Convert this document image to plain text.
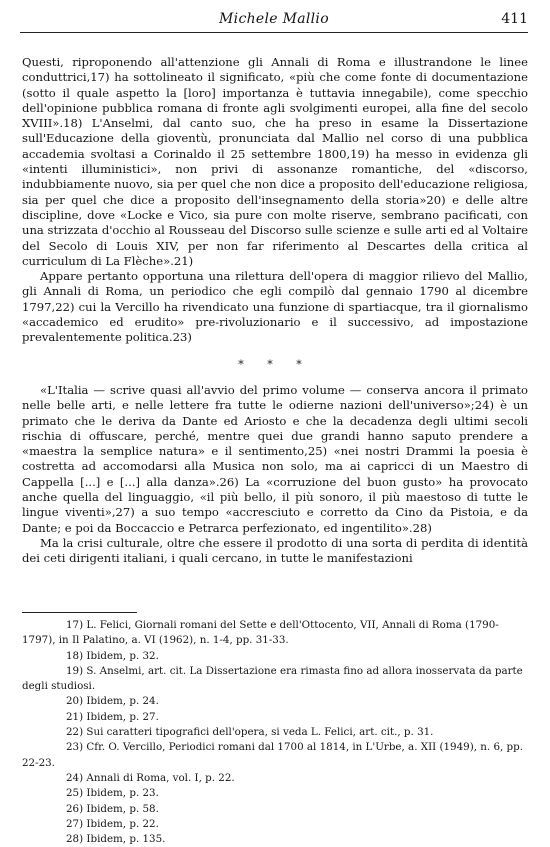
Michele Mallio	411

Questi, riproponendo all'attenzione gli Annali di Roma e illustrandone le linee conduttrici,17) ha sottolineato il significato, «più che come fonte di documentazione (sotto il quale aspetto la [loro] importanza è tuttavia innegabile), come specchio dell'opinione pubblica romana di fronte agli svolgimenti europei, alla fine del secolo XVIII».18) L'Anselmi, dal canto suo, che ha preso in esame la Dissertazione sull'Educazione della gioventù, pronunciata dal Mallio nel corso di una pubblica accademia svoltasi a Corinaldo il 25 settembre 1800,19) ha messo in evidenza gli «intenti illuministici», non privi di assonanze romantiche, del «discorso, indubbiamente nuovo, sia per quel che non dice a proposito dell'educazione religiosa, sia per quel che dice a proposito dell'insegnamento della storia»20) e delle altre discipline, dove «Locke e Vico, sia pure con molte riserve, sembrano pacificati, con una strizzata d'occhio al Rousseau del Discorso sulle scienze e sulle arti ed al Voltaire del Secolo di Louis XIV, per non far riferimento al Descartes della critica al curriculum di La Flèche».21)

Appare pertanto opportuna una rilettura dell'opera di maggior rilievo del Mallio, gli Annali di Roma, un periodico che egli compilò dal gennaio 1790 al dicembre 1797,22) cui la Vercillo ha rivendicato una funzione di spartiacque, tra il giornalismo «accademico ed erudito» pre-rivoluzionario e il successivo, ad impostazione prevalentemente politica.23)

* * *

«L'Italia — scrive quasi all'avvio del primo volume — conserva ancora il primato nelle belle arti, e nelle lettere fra tutte le odierne nazioni dell'universo»;24) è un primato che le deriva da Dante ed Ariosto e che la decadenza degli ultimi secoli rischia di offuscare, perché, mentre quei due grandi hanno saputo prendere a «maestra la semplice natura» e il sentimento,25) «nei nostri Drammi la poesia è costretta ad accomodarsi alla Musica non solo, ma ai capricci di un Maestro di Cappella [...] e [...] alla danza».26) La «corruzione del buon gusto» ha provocato anche quella del linguaggio, «il più bello, il più sonoro, il più maestoso di tutte le lingue viventi»,27) a suo tempo «accresciuto e corretto da Cino da Pistoia, e da Dante; e poi da Boccaccio e Petrarca perfezionato, ed ingentilito».28)

Ma la crisi culturale, oltre che essere il prodotto di una sorta di perdita di identità dei ceti dirigenti italiani, i quali cercano, in tutte le manifestazioni

17) L. Felici, Giornali romani del Sette e dell'Ottocento, VII, Annali di Roma (1790-1797), in Il Palatino, a. VI (1962), n. 1-4, pp. 31-33.

18) Ibidem, p. 32.

19) S. Anselmi, art. cit. La Dissertazione era rimasta fino ad allora inosservata da parte degli studiosi.

20) Ibidem, p. 24.

21) Ibidem, p. 27.

22) Sui caratteri tipografici dell'opera, si veda L. Felici, art. cit., p. 31.

23) Cfr. O. Vercillo, Periodici romani dal 1700 al 1814, in L'Urbe, a. XII (1949), n. 6, pp. 22-23.

24) Annali di Roma, vol. I, p. 22.

25) Ibidem, p. 23.

26) Ibidem, p. 58.

27) Ibidem, p. 22.

28) Ibidem, p. 135.
